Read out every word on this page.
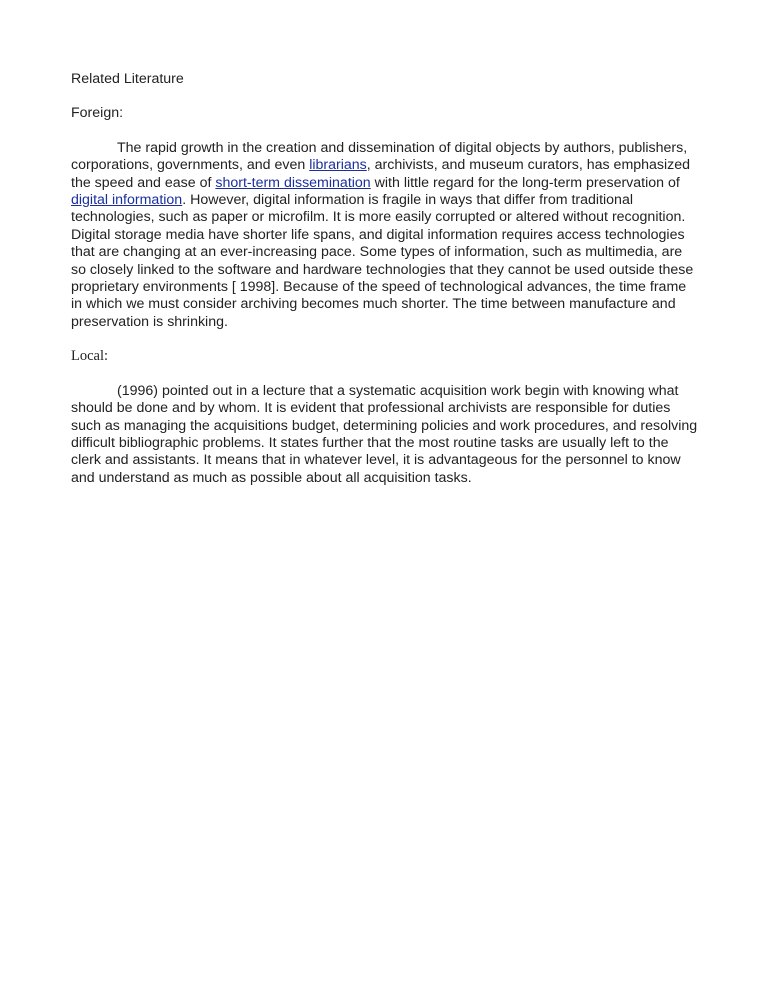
Related Literature

Foreign:

The rapid growth in the creation and dissemination of digital objects by authors, publishers, corporations, governments, and even librarians, archivists, and museum curators, has emphasized the speed and ease of short-term dissemination with little regard for the long-term preservation of digital information. However, digital information is fragile in ways that differ from traditional technologies, such as paper or microfilm. It is more easily corrupted or altered without recognition. Digital storage media have shorter life spans, and digital information requires access technologies that are changing at an ever-increasing pace. Some types of information, such as multimedia, are so closely linked to the software and hardware technologies that they cannot be used outside these proprietary environments [ 1998]. Because of the speed of technological advances, the time frame in which we must consider archiving becomes much shorter. The time between manufacture and preservation is shrinking.

Local:

(1996) pointed out in a lecture that a systematic acquisition work begin with knowing what should be done and by whom. It is evident that professional archivists are responsible for duties such as managing the acquisitions budget, determining policies and work procedures, and resolving difficult bibliographic problems. It states further that the most routine tasks are usually left to the clerk and assistants. It means that in whatever level, it is advantageous for the personnel to know and understand as much as possible about all acquisition tasks.
